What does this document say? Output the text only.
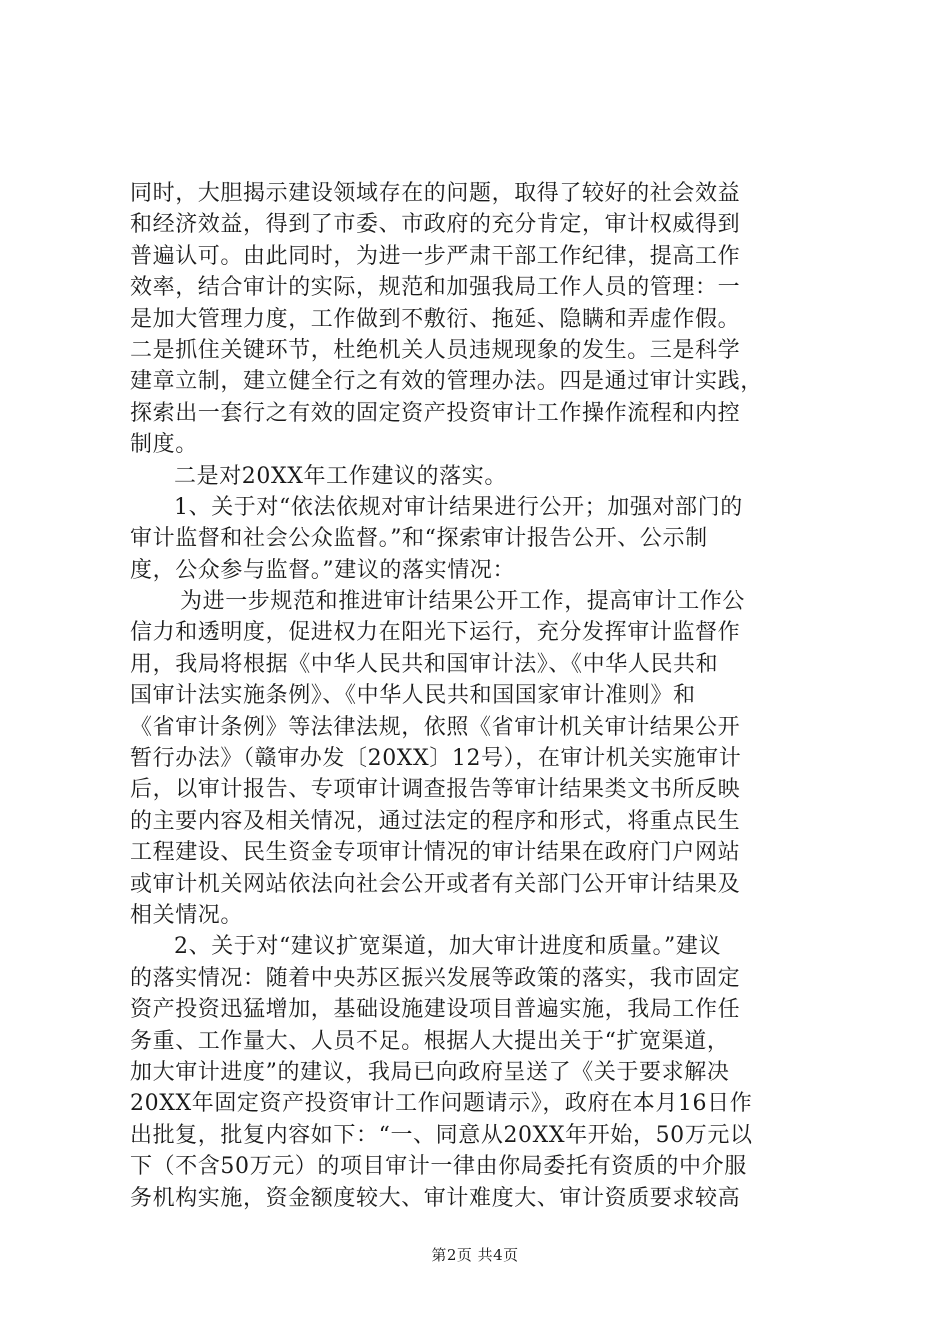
同时，大胆揭示建设领域存在的问题，取得了较好的社会效益
和经济效益，得到了市委、市政府的充分肯定，审计权威得到
普遍认可。由此同时，为进一步严肃干部工作纪律，提高工作
效率，结合审计的实际，规范和加强我局工作人员的管理：一
是加大管理力度，工作做到不敷衍、拖延、隐瞒和弄虚作假。
二是抓住关键环节，杜绝机关人员违规现象的发生。三是科学
建章立制，建立健全行之有效的管理办法。四是通过审计实践，
探索出一套行之有效的固定资产投资审计工作操作流程和内控
制度。
二是对20XX年工作建议的落实。
1、关于对“依法依规对审计结果进行公开；加强对部门的
审计监督和社会公众监督。”和“探索审计报告公开、公示制
度，公众参与监督。”建议的落实情况：
为进一步规范和推进审计结果公开工作，提高审计工作公
信力和透明度，促进权力在阳光下运行，充分发挥审计监督作
用，我局将根据《中华人民共和国审计法》、《中华人民共和
国审计法实施条例》、《中华人民共和国国家审计准则》和
《省审计条例》等法律法规，依照《省审计机关审计结果公开
暂行办法》（赣审办发〔20XX〕12号），在审计机关实施审计
后，以审计报告、专项审计调查报告等审计结果类文书所反映
的主要内容及相关情况，通过法定的程序和形式，将重点民生
工程建设、民生资金专项审计情况的审计结果在政府门户网站
或审计机关网站依法向社会公开或者有关部门公开审计结果及
相关情况。
2、关于对“建议扩宽渠道，加大审计进度和质量。”建议
的落实情况：随着中央苏区振兴发展等政策的落实，我市固定
资产投资迅猛增加，基础设施建设项目普遍实施，我局工作任
务重、工作量大、人员不足。根据人大提出关于“扩宽渠道，
加大审计进度”的建议，我局已向政府呈送了《关于要求解决
20XX年固定资产投资审计工作问题请示》，政府在本月16日作
出批复，批复内容如下：“一、同意从20XX年开始，50万元以
下（不含50万元）的项目审计一律由你局委托有资质的中介服
务机构实施，资金额度较大、审计难度大、审计资质要求较高
第2页 共4页
